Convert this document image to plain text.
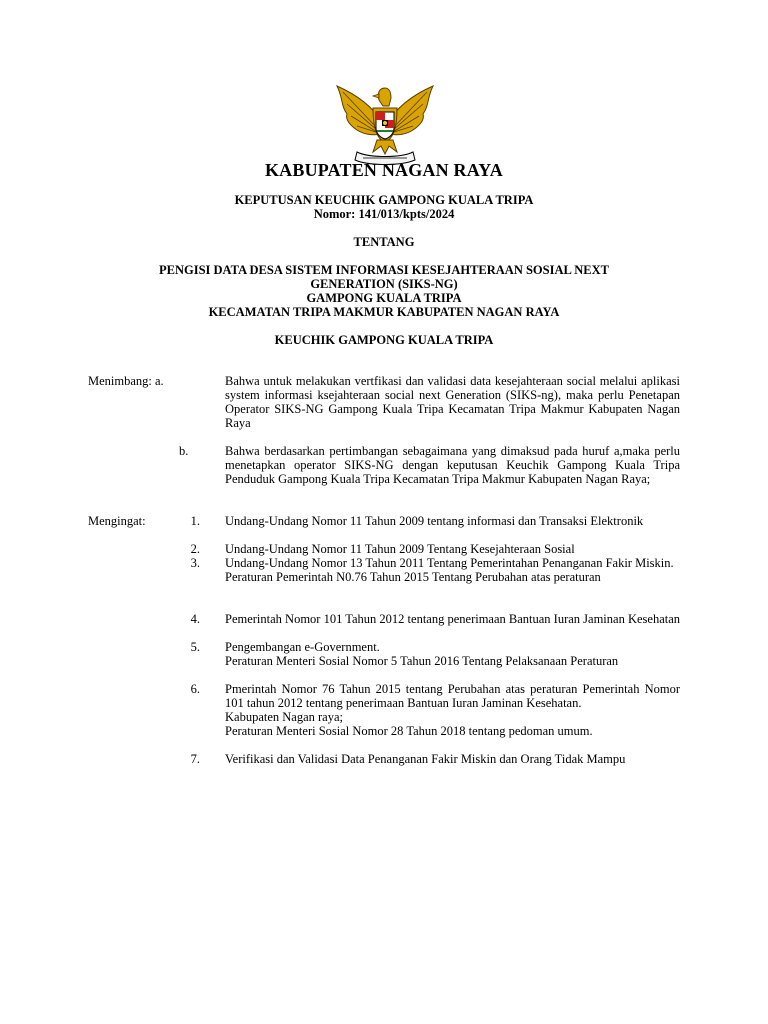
KABUPATEN NAGAN RAYA
KEPUTUSAN KEUCHIK GAMPONG KUALA TRIPA
Nomor: 141/013/kpts/2024
TENTANG
PENGISI DATA DESA SISTEM INFORMASI KESEJAHTERAAN SOSIAL NEXT
GENERATION (SIKS-NG)
GAMPONG KUALA TRIPA
KECAMATAN TRIPA MAKMUR KABUPATEN NAGAN RAYA
KEUCHIK GAMPONG KUALA TRIPA
Menimbang: a.	Bahwa untuk melakukan vertfikasi dan validasi data kesejahteraan social melalui aplikasi system informasi ksejahteraan social next Generation (SIKS-ng), maka perlu Penetapan Operator SIKS-NG Gampong Kuala Tripa Kecamatan Tripa Makmur Kabupaten Nagan Raya

b.	Bahwa berdasarkan pertimbangan sebagaimana yang dimaksud pada huruf a,maka perlu menetapkan operator SIKS-NG dengan keputusan Keuchik Gampong Kuala Tripa Penduduk Gampong Kuala Tripa Kecamatan Tripa Makmur Kabupaten Nagan Raya;

Mengingat:	1. Undang-Undang Nomor 11 Tahun 2009 tentang informasi dan Transaksi Elektronik

2. Undang-Undang Nomor 11 Tahun 2009 Tentang Kesejahteraan Sosial

3. Undang-Undang Nomor 13 Tahun 2011 Tentang Pemerintahan Penanganan Fakir Miskin.

Peraturan Pemerintah N0.76 Tahun 2015 Tentang Perubahan atas peraturan

4. Pemerintah Nomor 101 Tahun 2012 tentang penerimaan Bantuan Iuran Jaminan Kesehatan

5. Pengembangan e-Government.

Peraturan Menteri Sosial Nomor 5 Tahun 2016 Tentang Pelaksanaan Peraturan

6. Pmerintah Nomor 76 Tahun 2015 tentang Perubahan atas peraturan Pemerintah Nomor 101 tahun 2012 tentang penerimaan Bantuan Iuran Jaminan Kesehatan.

Kabupaten Nagan raya;

Peraturan Menteri Sosial Nomor 28 Tahun 2018 tentang pedoman umum.

7. Verifikasi dan Validasi Data Penanganan Fakir Miskin dan Orang Tidak Mampu
